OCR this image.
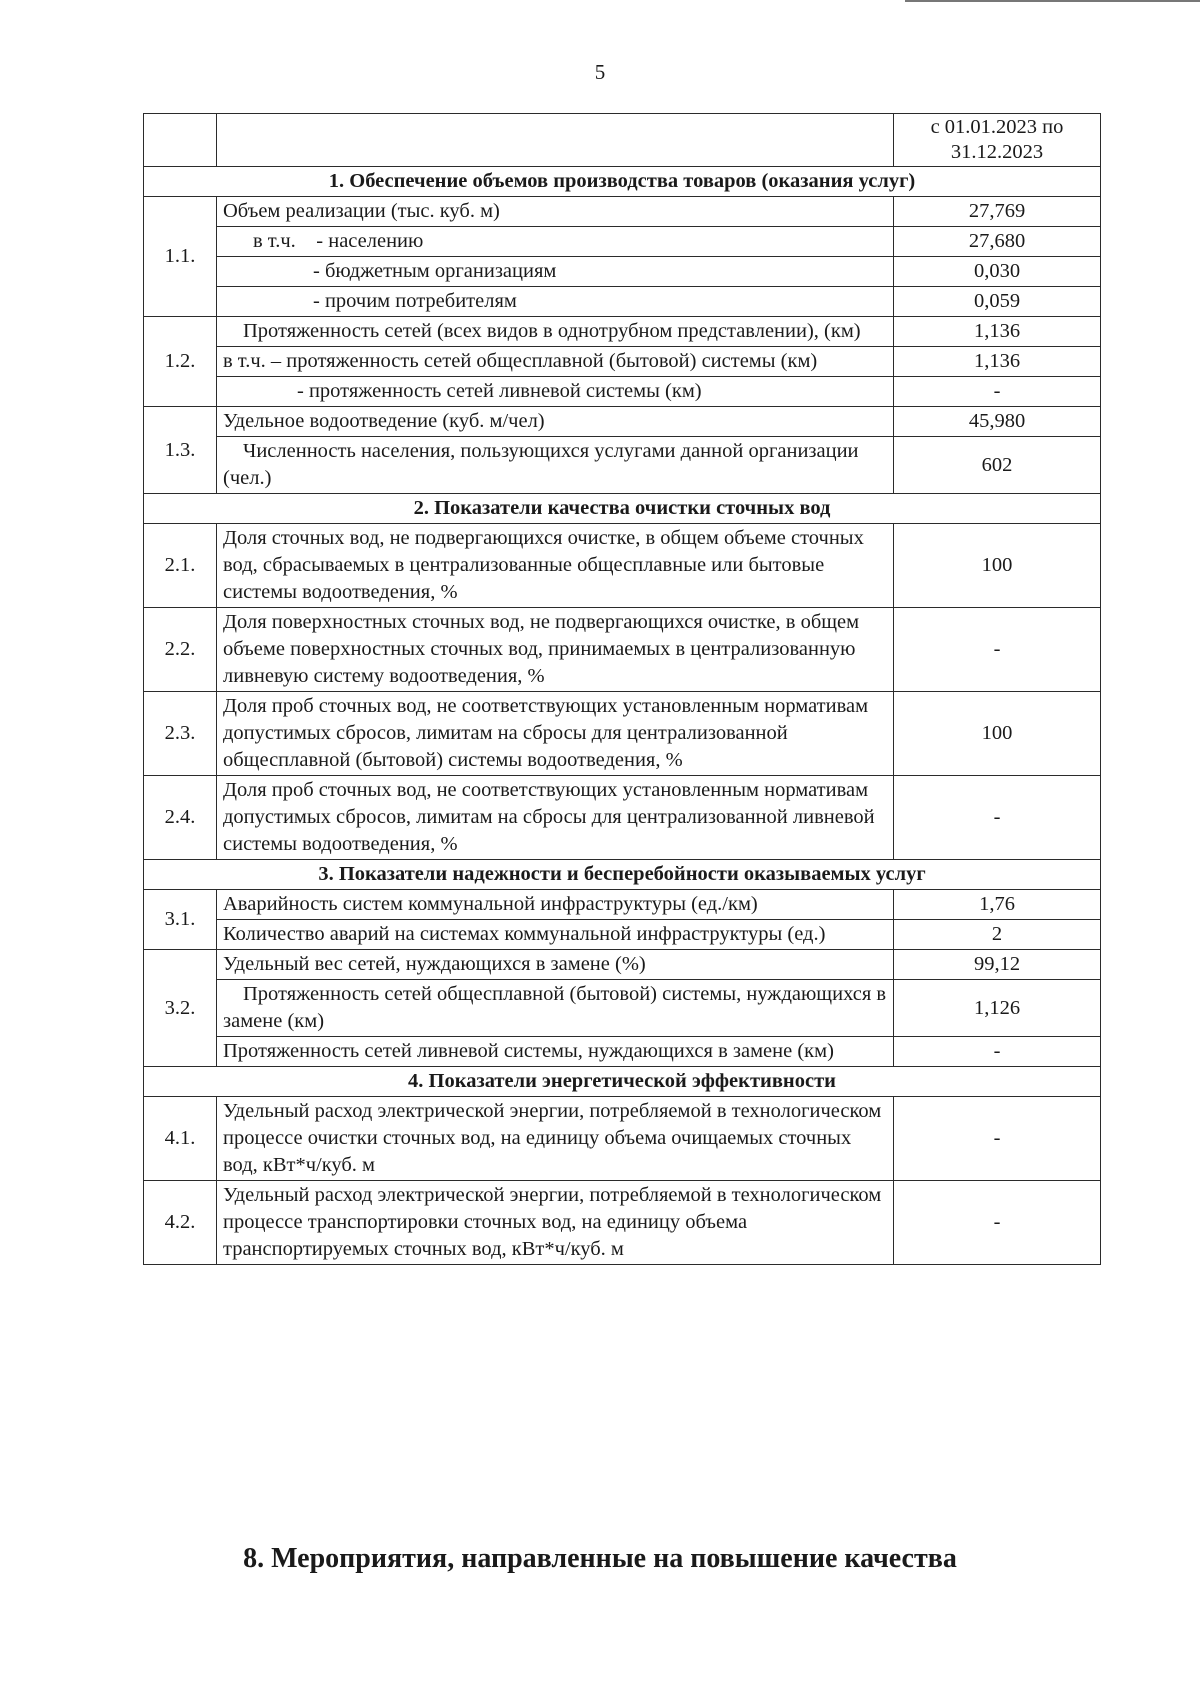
5
		с 01.01.2023 по 31.12.2023
1. Обеспечение объемов производства товаров (оказания услуг)		
1.1.	Объем реализации (тыс. куб. м)	27,769
	в т.ч.    - населению	27,680
	- бюджетным организациям	0,030
	- прочим потребителям	0,059
1.2.	Протяженность сетей (всех видов в однотрубном представлении), (км)	1,136
	в т.ч. – протяженность сетей общесплавной (бытовой) системы (км)	1,136
	- протяженность сетей ливневой системы (км)	-
1.3.	Удельное водоотведение (куб. м/чел)	45,980
	Численность населения, пользующихся услугами данной организации (чел.)	602
2. Показатели качества очистки сточных вод		
2.1.	Доля сточных вод, не подвергающихся очистке, в общем объеме сточных вод, сбрасываемых в централизованные общесплавные или бытовые системы водоотведения, %	100
2.2.	Доля поверхностных сточных вод, не подвергающихся очистке, в общем объеме поверхностных сточных вод, принимаемых в централизованную ливневую систему водоотведения, %	-
2.3.	Доля проб сточных вод, не соответствующих установленным нормативам допустимых сбросов, лимитам на сбросы для централизованной общесплавной (бытовой) системы водоотведения, %	100
2.4.	Доля проб сточных вод, не соответствующих установленным нормативам допустимых сбросов, лимитам на сбросы для централизованной ливневой системы водоотведения, %	-
3. Показатели надежности и бесперебойности оказываемых услуг		
3.1.	Аварийность систем коммунальной инфраструктуры (ед./км)	1,76
	Количество аварий на системах коммунальной инфраструктуры (ед.)	2
3.2.	Удельный вес сетей, нуждающихся в замене (%)	99,12
	Протяженность сетей общесплавной (бытовой) системы, нуждающихся в замене (км)	1,126
	Протяженность сетей ливневой системы, нуждающихся в замене (км)	-
4. Показатели энергетической эффективности		
4.1.	Удельный расход электрической энергии, потребляемой в технологическом процессе очистки сточных вод, на единицу объема очищаемых сточных вод, кВт*ч/куб. м	-
4.2.	Удельный расход электрической энергии, потребляемой в технологическом процессе транспортировки сточных вод, на единицу объема транспортируемых сточных вод, кВт*ч/куб. м	-
8. Мероприятия, направленные на повышение качества
